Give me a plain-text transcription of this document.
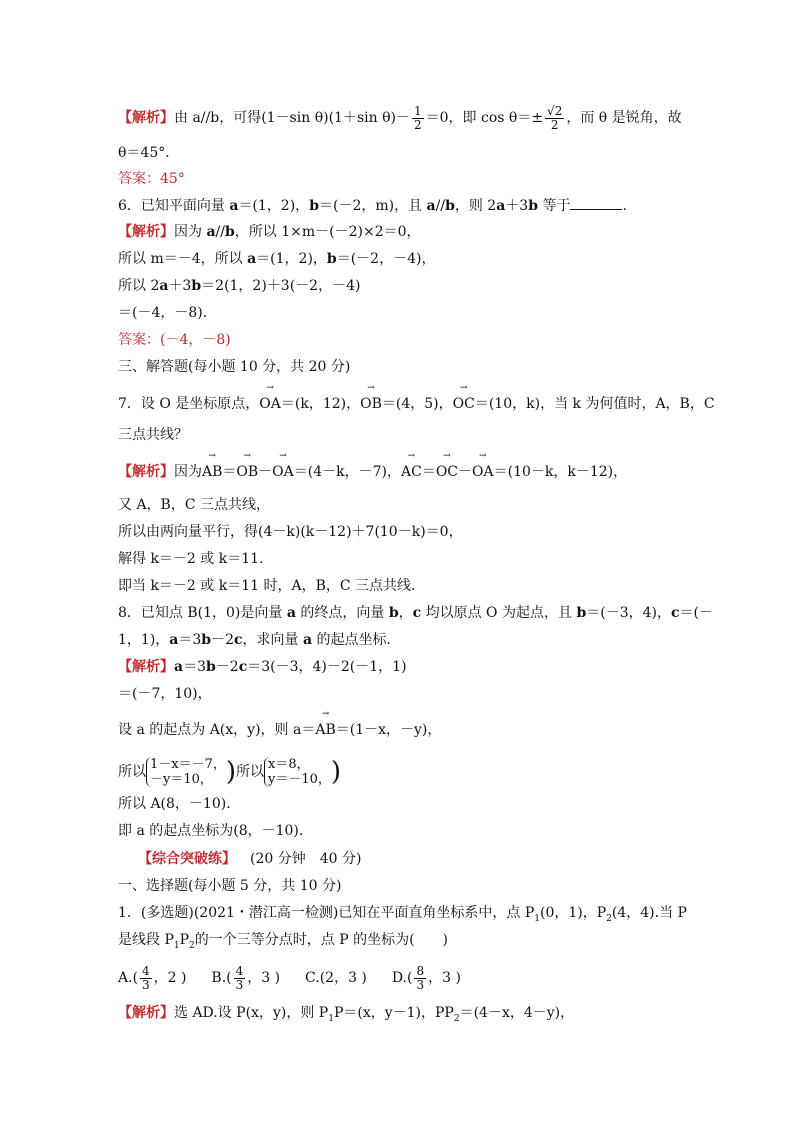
【解析】由 a//b，可得(1－sin θ)(1＋sin $\theta)- \frac{1}{2} =0$，即 $\cos \theta=\pm \frac{√2}{2}$ ，而 θ 是锐角，故
θ＝45°．
答案：45°
6．已知平面向量 a＝(1，2)，b＝(－2，m)，且 a//b，则 2a＋3b 等于	．
【解析】因为 a//b，所以 1×m－(－2)×2＝0，
所以 m＝－4，所以 a＝(1，2)，b＝(－2，－4)，
所以 2a＋3b＝2(1，2)＋3(－2，－4)
＝(－4，－8)．
答案：(－4，－8)
三、解答题(每小题 10 分，共 20 分)
7．设 O 是坐标原点，→ OA＝(k，12)，→ OB＝(4，5)，→ OC＝(10，k)，当 k 为何值时，A，B，C
三点共线？
【解析】因为→ AB＝→ OB－→ OA＝(4－k，－7)，→ AC＝→ OC－→ OA＝(10－k，k－12)，
又 A，B，C 三点共线，
所以由两向量平行，得(4－k)(k－12)＋7(10－k)＝0，
解得 k＝－2 或 k＝11.
即当 k＝－2 或 k＝11 时，A，B，C 三点共线.
8．已知点 B(1，0)是向量 a 的终点，向量 b，c 均以原点 O 为起点，且 b＝(－3，4)，c＝(－
1，1)，a＝3b－2c，求向量 a 的起点坐标．
【解析】a＝3b－2c＝3(－3，4)－2(－1，1)
＝(－7，10)，
设 a 的起点为 A(x，y)，则 a＝→ AB＝(1－x，－y)，
所以 1－x＝－7，
－y＝10， )所以 x＝8，
y＝－10，)
所以 A(8，－10)．
即 a 的起点坐标为(8，－10)．
【综合突破练】 (20 分钟　40 分)
一、选择题(每小题 5 分，共 10 分)
1．(多选题)(2021・潜江高一检测)已知在平面直角坐标系中，点 $P_1(0$，1)，$P_2(4$，4).当 P
是线段 $P_1P_2$的一个三等分点时，点 P 的坐标为(　　)
$A.( \frac{4}{3}$ ，2 ) $B.( \frac{4}{3}$ ，3 ) C.(2，3 ) $D.( \frac{8}{3}$ ，3 )
【解析】选 AD.设 P(x，y)，则 $P_1P=(x$，y－1)，$PP_2=(4-x$，4－y)，
